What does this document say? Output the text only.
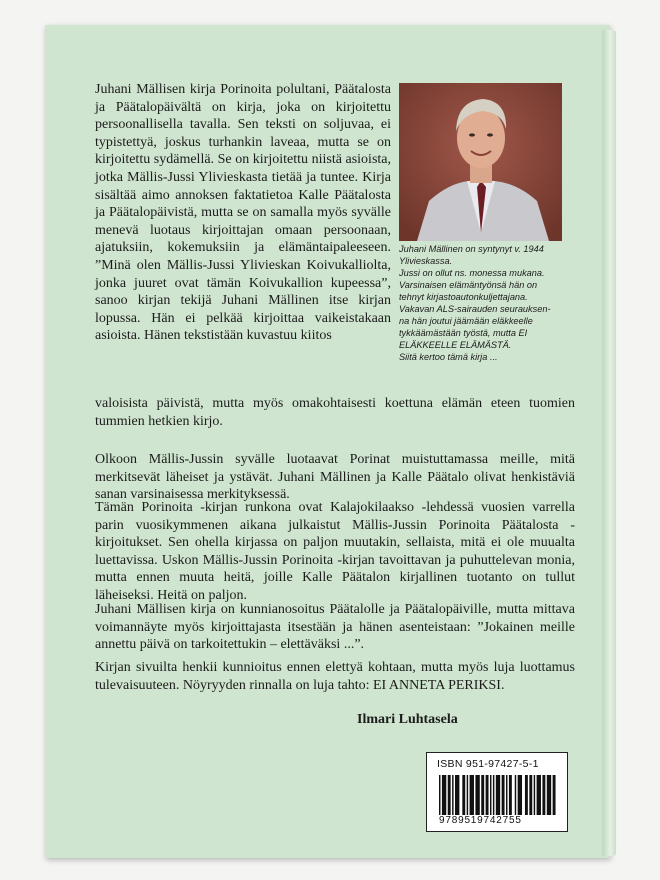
Juhani Mällisen kirja Porinoita polultani, Päätalosta ja Päätalopäivältä on kirja, joka on kirjoitettu persoonallisella tavalla. Sen teksti on soljuvaa, ei typistettyä, joskus turhankin laveaa, mutta se on kirjoitettu sydämellä. Se on kirjoitettu niistä asioista, jotka Mällis-Jussi Ylivieskasta tietää ja tuntee. Kirja sisältää aimo annoksen faktatietoa Kalle Päätalosta ja Päätalopäivistä, mutta se on samalla myös syvälle menevä luotaus kirjoittajan omaan persoonaan, ajatuksiin, kokemuksiin ja elämäntaipaleeseen. ”Minä olen Mällis-Jussi Ylivieskan Koivukalliolta, jonka juuret ovat tämän Koivukallion kupeessa”, sanoo kirjan tekijä Juhani Mällinen itse kirjan lopussa. Hän ei pelkää kirjoittaa vaikeistakaan asioista. Hänen tekstistään kuvastuu kiitos

Juhani Mällinen on syntynyt v. 1944
Ylivieskassa.
Jussi on ollut ns. monessa mukana.
Varsinaisen elämäntyönsä hän on
tehnyt kirjastoautonkuljettajana.
Vakavan ALS-sairauden seurauksen-
na hän joutui jäämään eläkkeelle
tykkäämästään työstä, mutta EI
ELÄKKEELLE ELÄMÄSTÄ.
Siitä kertoo tämä kirja ...

valoisista päivistä, mutta myös omakohtaisesti koettuna elämän eteen tuomien tummien hetkien kirjo.

Olkoon Mällis-Jussin syvälle luotaavat Porinat muistuttamassa meille, mitä merkitsevät läheiset ja ystävät. Juhani Mällinen ja Kalle Päätalo olivat henkistäviä sanan varsinaisessa merkityksessä.

Tämän Porinoita -kirjan runkona ovat Kalajokilaakso -lehdessä vuosien varrella parin vuosikymmenen aikana julkaistut Mällis-Jussin Porinoita Päätalosta -kirjoitukset. Sen ohella kirjassa on paljon muutakin, sellaista, mitä ei ole muualta luettavissa. Uskon Mällis-Jussin Porinoita -kirjan tavoittavan ja puhuttelevan monia, mutta ennen muuta heitä, joille Kalle Päätalon kirjallinen tuotanto on tullut läheiseksi. Heitä on paljon.

Juhani Mällisen kirja on kunnianosoitus Päätalolle ja Päätalopäiville, mutta mittava voimannäyte myös kirjoittajasta itsestään ja hänen asenteistaan: ”Jokainen meille annettu päivä on tarkoitettukin – elettäväksi ...”.

Kirjan sivuilta henkii kunnioitus ennen elettyä kohtaan, mutta myös luja luottamus tulevaisuuteen. Nöyryyden rinnalla on luja tahto: EI ANNETA PERIKSI.

Ilmari Luhtasela

ISBN 951-97427-5-1
9789519742755
